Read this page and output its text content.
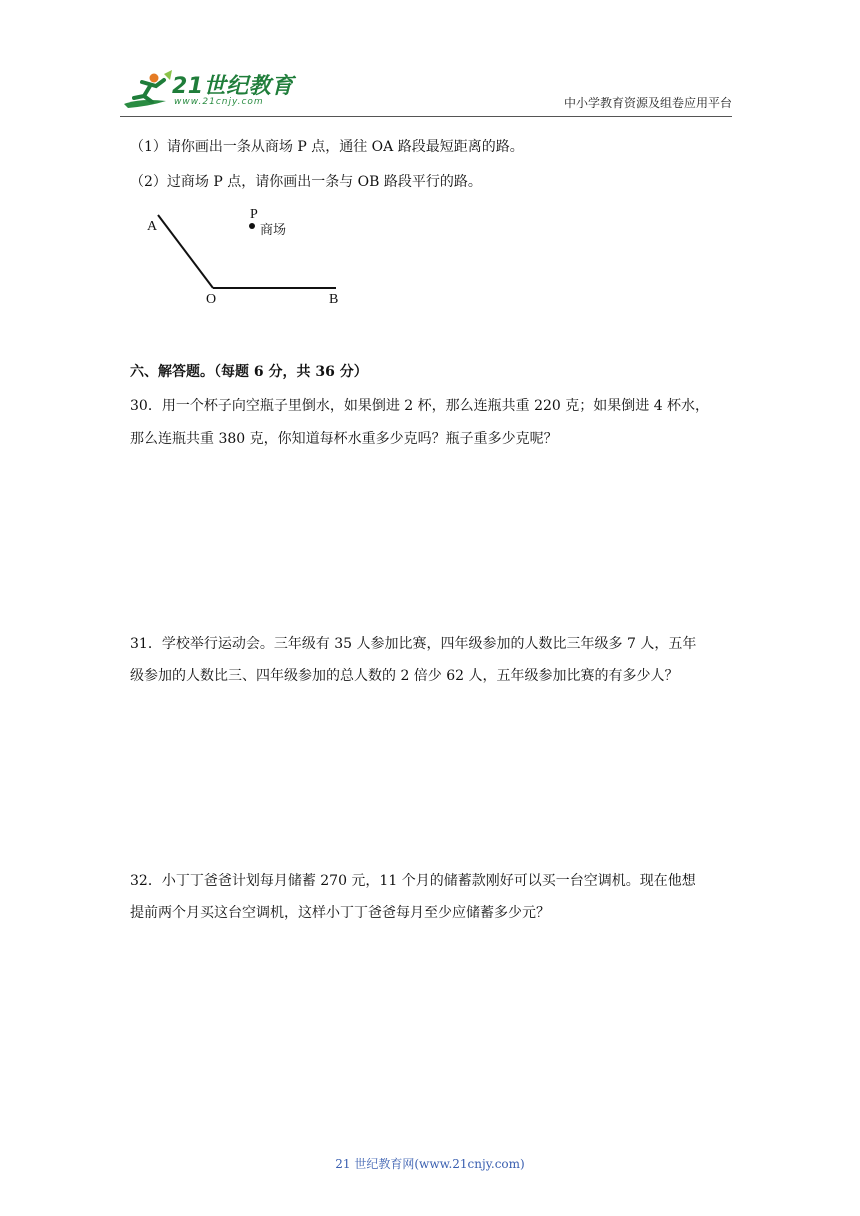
21世纪教育
www.21cnjy.com	中小学教育资源及组卷应用平台
（1）请你画出一条从商场 P 点，通往 OA 路段最短距离的路。
（2）过商场 P 点，请你画出一条与 OB 路段平行的路。
A
P
商场
O	B
六、解答题。（每题 6 分，共 36 分）
30．用一个杯子向空瓶子里倒水，如果倒进 2 杯，那么连瓶共重 220 克；如果倒进 4 杯水，
那么连瓶共重 380 克，你知道每杯水重多少克吗？瓶子重多少克呢？
31．学校举行运动会。三年级有 35 人参加比赛，四年级参加的人数比三年级多 7 人，五年
级参加的人数比三、四年级参加的总人数的 2 倍少 62 人，五年级参加比赛的有多少人？
32．小丁丁爸爸计划每月储蓄 270 元，11 个月的储蓄款刚好可以买一台空调机。现在他想
提前两个月买这台空调机，这样小丁丁爸爸每月至少应储蓄多少元？
21 世纪教育网(www.21cnjy.com)
